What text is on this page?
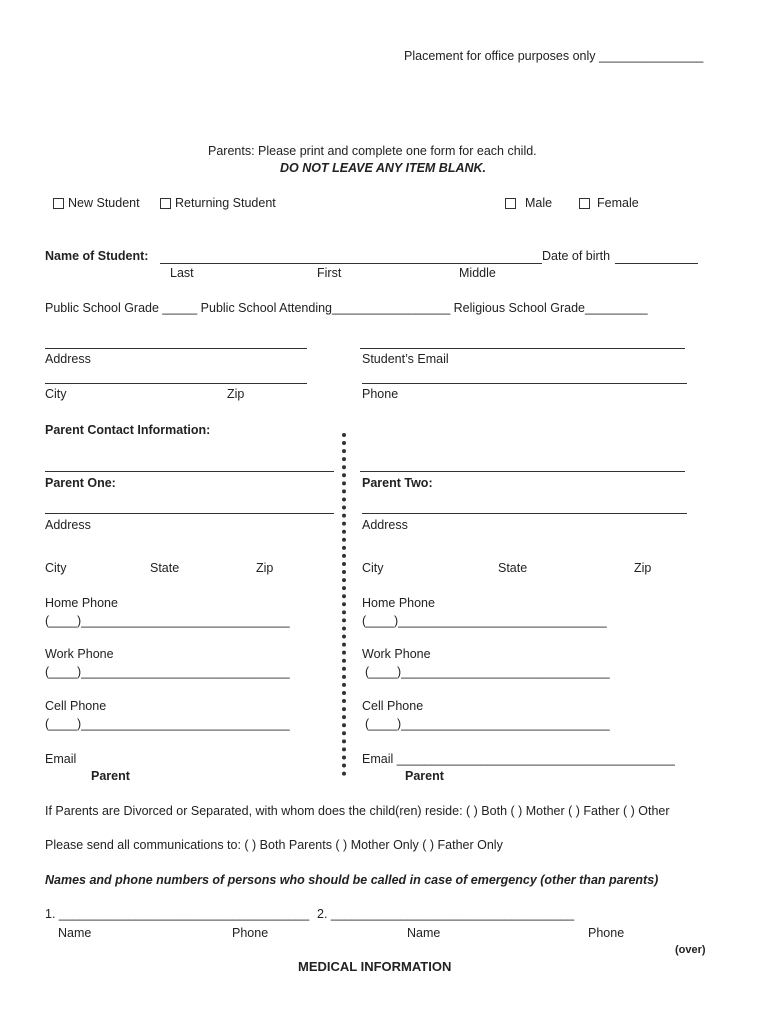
Placement for office purposes only _______________
Parents: Please print and complete one form for each child.
DO NOT LEAVE ANY ITEM BLANK.
New Student	Returning Student	Male	Female
Name of Student:	Date of birth
Last	First	Middle
Public School Grade _____ Public School Attending_________________ Religious School Grade_________
Address	Student’s Email
City	Zip	Phone
Parent Contact Information:
Parent One:
Address
City	State	Zip
Home Phone
(____)______________________________
Work Phone
(____)______________________________
Cell Phone
(____)______________________________
Email
Parent
Parent Two:
Address
City	State	Zip
Home Phone
(____)______________________________
Work Phone
(____)______________________________
Cell Phone
(____)______________________________
Email ________________________________________
Parent
If Parents are Divorced or Separated, with whom does the child(ren) reside: ( ) Both ( ) Mother ( ) Father ( ) Other
Please send all communications to: ( ) Both Parents ( ) Mother Only ( ) Father Only
Names and phone numbers of persons who should be called in case of emergency (other than parents)
1. ____________________________________ 2. ___________________________________
Name	Phone	Name	Phone
(over)
MEDICAL INFORMATION
